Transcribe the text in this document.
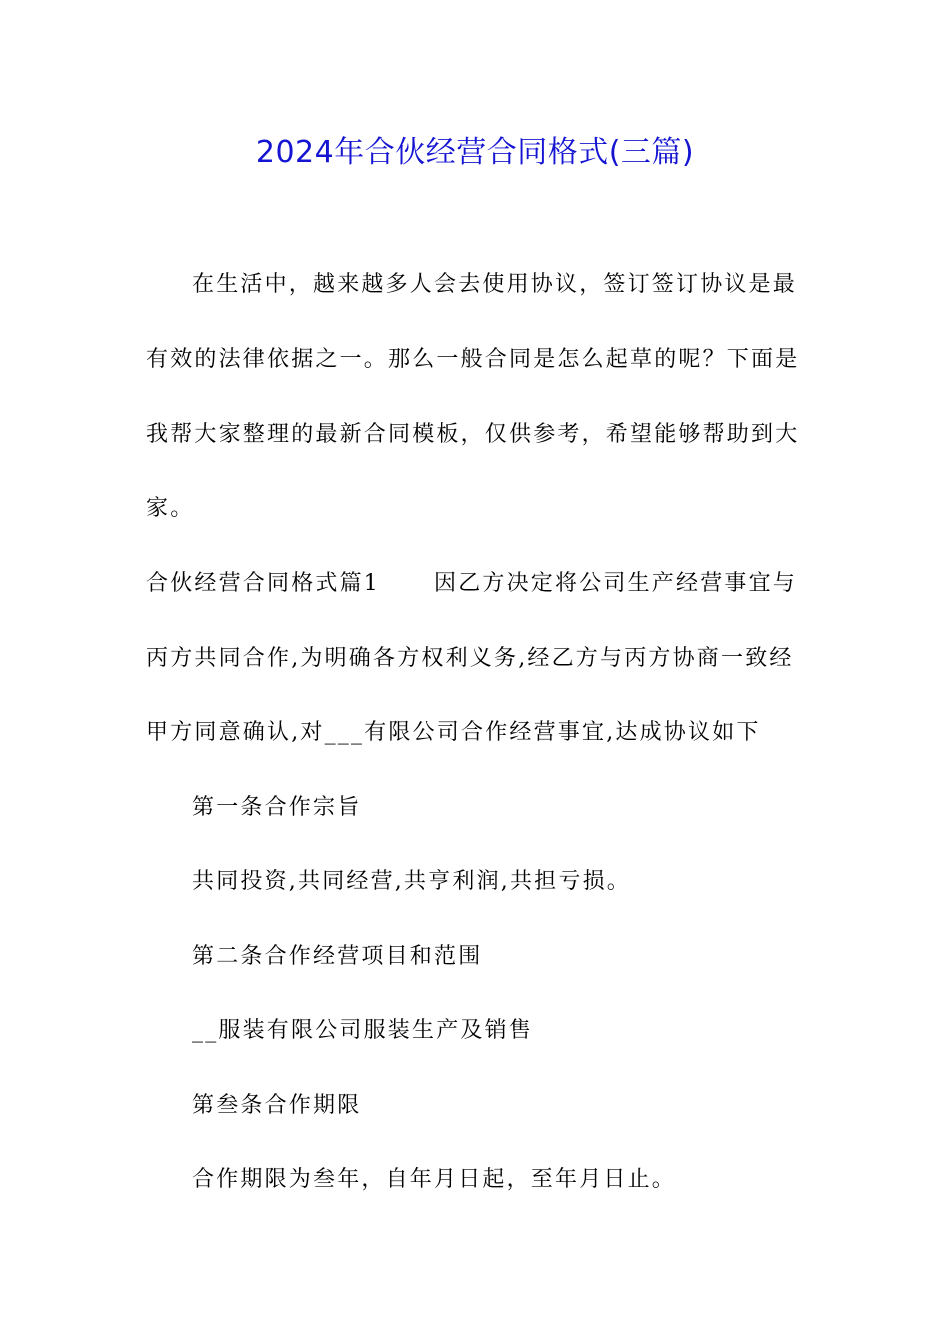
2024年合伙经营合同格式(三篇)
在生活中，越来越多人会去使用协议，签订签订协议是最
有效的法律依据之一。那么一般合同是怎么起草的呢？下面是
我帮大家整理的最新合同模板，仅供参考，希望能够帮助到大
家。
合伙经营合同格式篇1 因乙方决定将公司生产经营事宜与
丙方共同合作,为明确各方权利义务,经乙方与丙方协商一致经
甲方同意确认,对___有限公司合作经营事宜,达成协议如下
第一条合作宗旨
共同投资,共同经营,共亨利润,共担亏损。
第二条合作经营项目和范围
__服装有限公司服装生产及销售
第叁条合作期限
合作期限为叁年，自年月日起，至年月日止。
